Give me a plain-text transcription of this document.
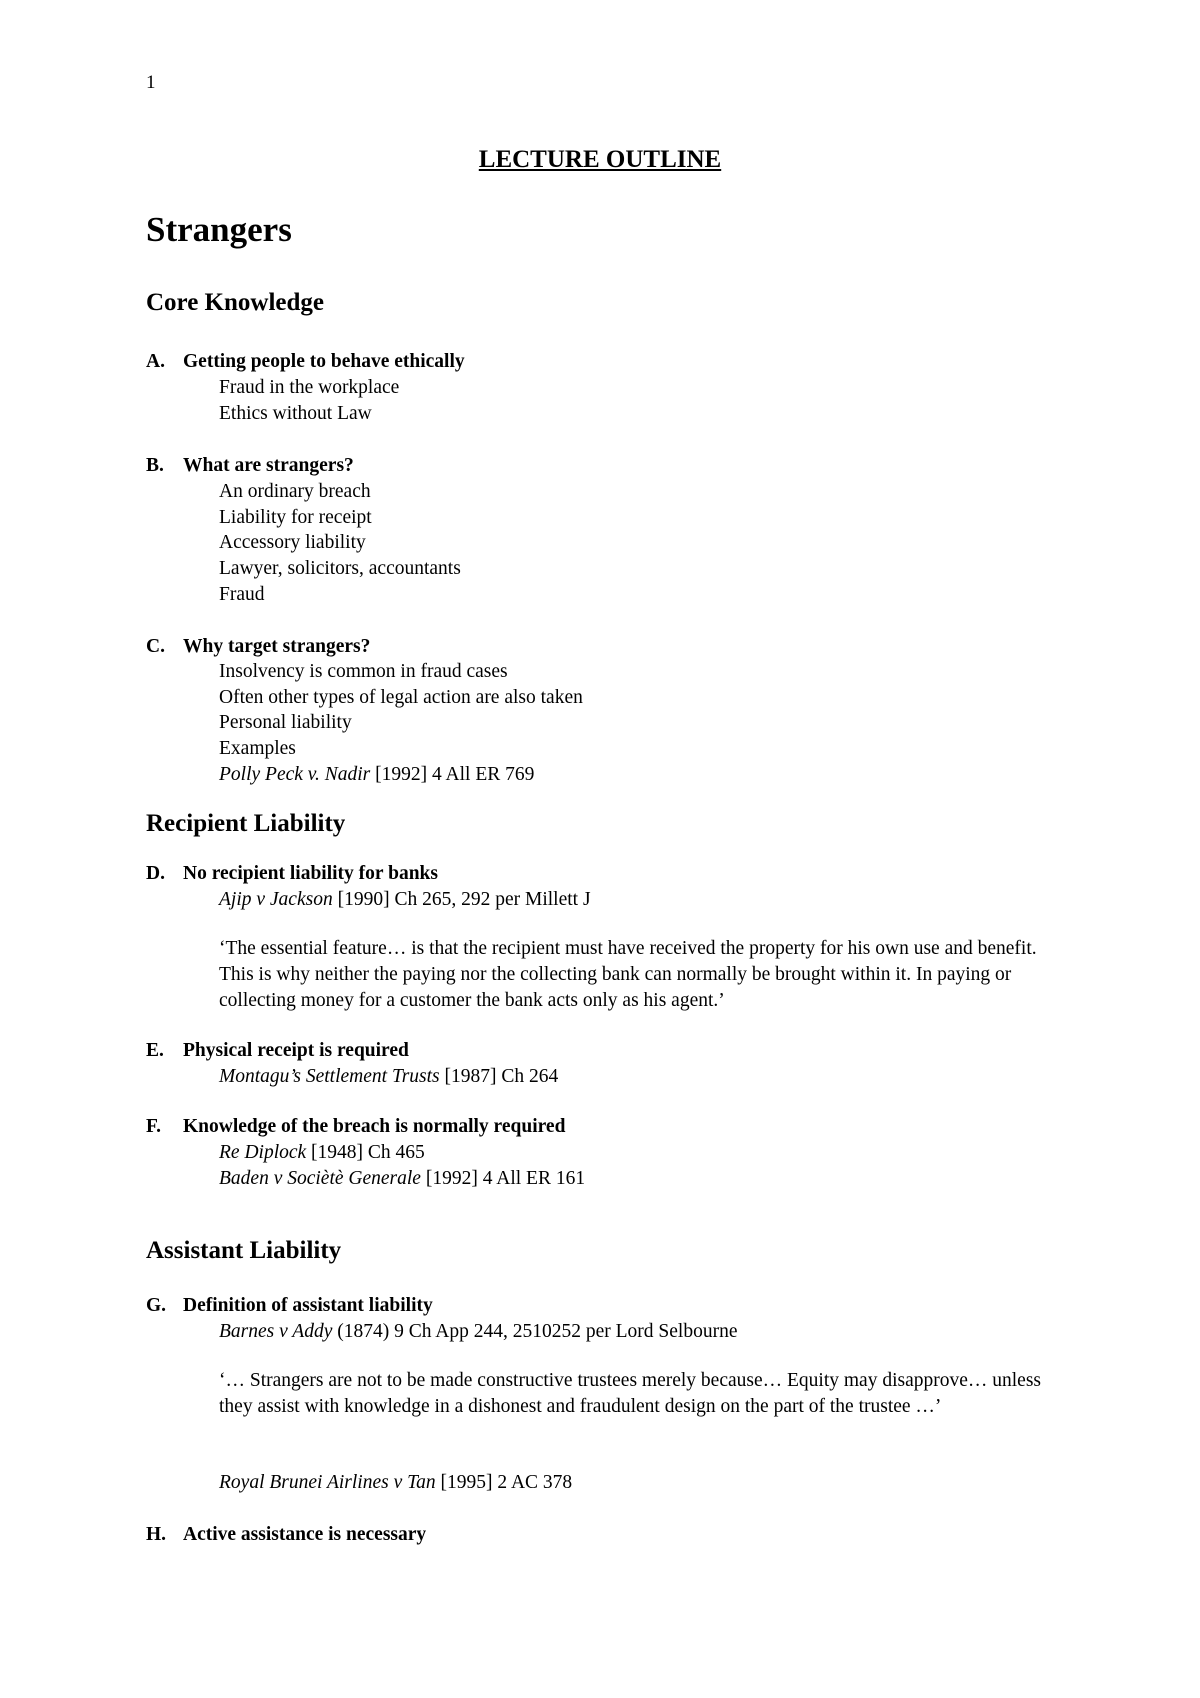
1
LECTURE OUTLINE
Strangers
Core Knowledge
A. Getting people to behave ethically
Fraud in the workplace
Ethics without Law
B. What are strangers?
An ordinary breach
Liability for receipt
Accessory liability
Lawyer, solicitors, accountants
Fraud
C. Why target strangers?
Insolvency is common in fraud cases
Often other types of legal action are also taken
Personal liability
Examples
Polly Peck v. Nadir [1992] 4 All ER 769
Recipient Liability
D. No recipient liability for banks
Ajip v Jackson [1990] Ch 265, 292 per Millett J
‘The essential feature… is that the recipient must have received the property for his own use and benefit. This is why neither the paying nor the collecting bank can normally be brought within it. In paying or collecting money for a customer the bank acts only as his agent.’
E. Physical receipt is required
Montagu’s Settlement Trusts [1987] Ch 264
F. Knowledge of the breach is normally required
Re Diplock [1948] Ch 465
Baden v Sociètè Generale [1992] 4 All ER 161
Assistant Liability
G. Definition of assistant liability
Barnes v Addy (1874) 9 Ch App 244, 2510252 per Lord Selbourne
‘… Strangers are not to be made constructive trustees merely because… Equity may disapprove… unless they assist with knowledge in a dishonest and fraudulent design on the part of the trustee …’
Royal Brunei Airlines v Tan [1995] 2 AC 378
H. Active assistance is necessary
